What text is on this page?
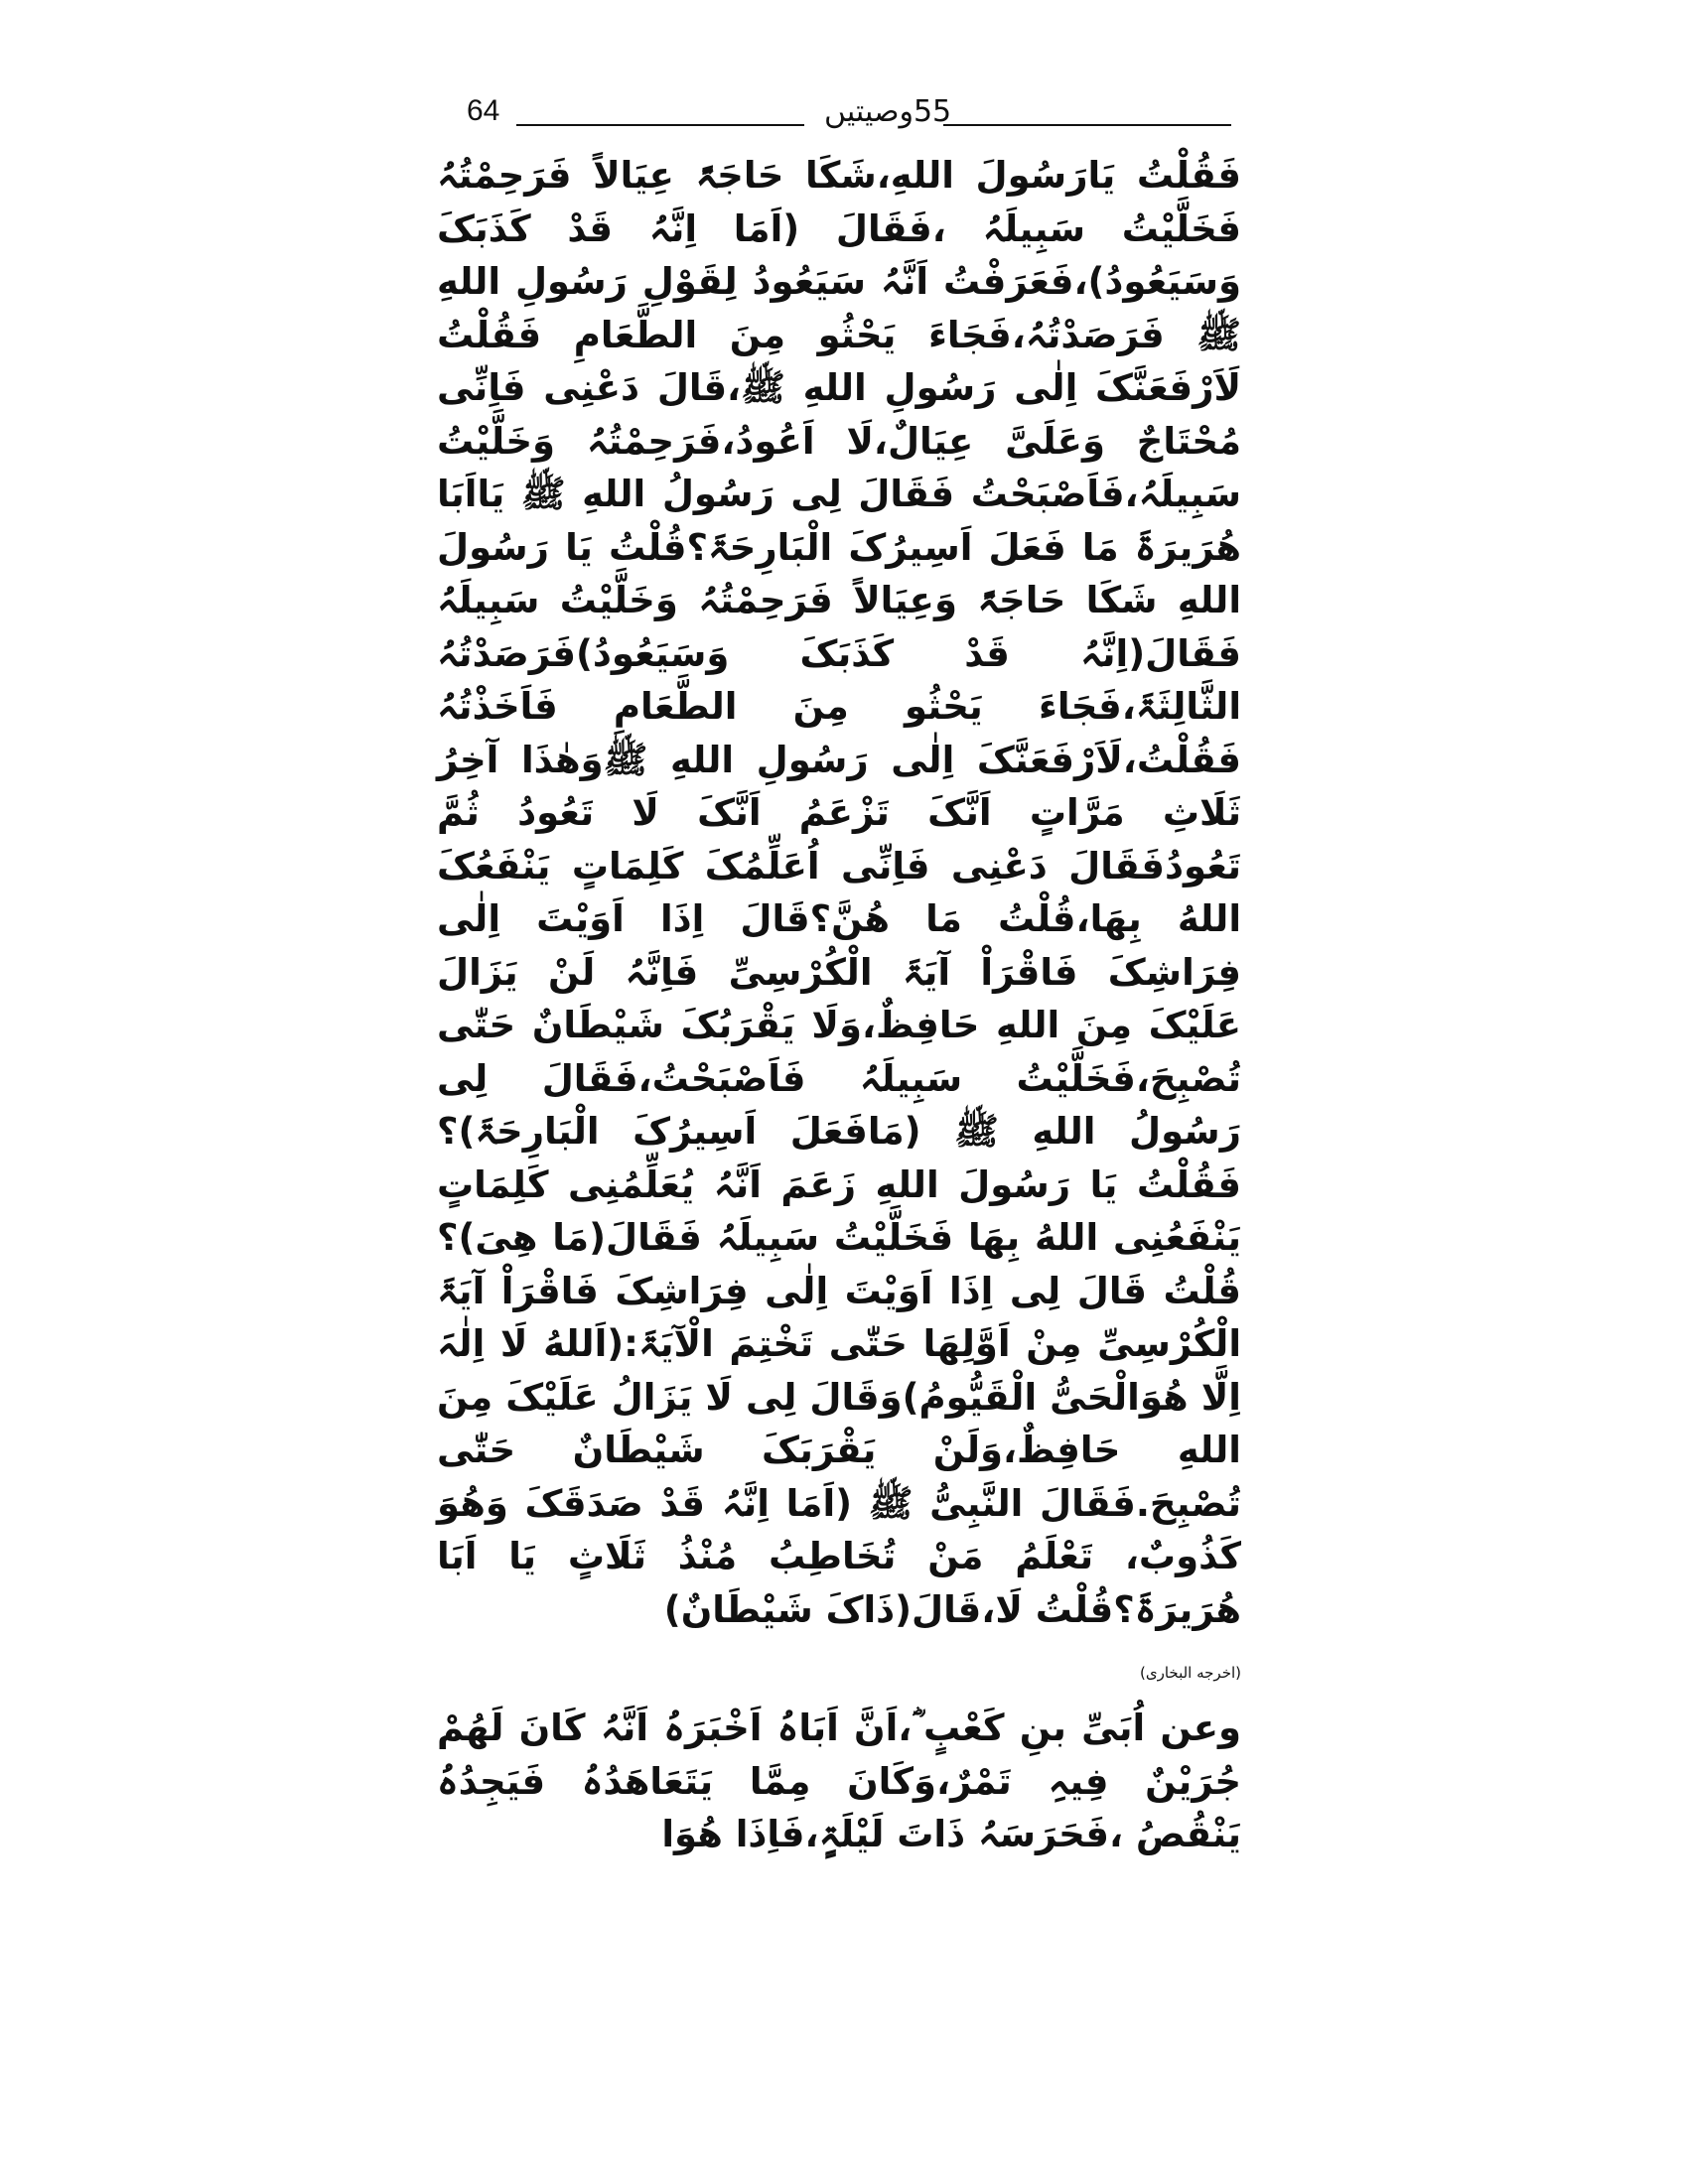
64	55وصیتیں

فَقُلْتُ یَارَسُولَ اللهِ،شَکَا حَاجَۃً عِیَالاً فَرَحِمْتُہُ فَخَلَّیْتُ سَبِیلَہُ ،فَقَالَ (اَمَا اِنَّہُ قَدْ کَذَبَکَ وَسَیَعُودُ)،فَعَرَفْتُ اَنَّہُ سَیَعُودُ لِقَوْلِ رَسُولِ اللهِ ﷺ فَرَصَدْتُہُ،فَجَاءَ یَحْثُو مِنَ الطَّعَامِ فَقُلْتُ لَاَرْفَعَنَّکَ اِلٰی رَسُولِ اللهِ ﷺ،قَالَ دَعْنِی فَاِنِّی مُحْتَاجٌ وَعَلَیَّ عِیَالٌ،لَا اَعُودُ،فَرَحِمْتُہُ وَخَلَّیْتُ سَبِیلَہُ،فَاَصْبَحْتُ فَقَالَ لِی رَسُولُ اللهِ ﷺ یَااَبَا ھُرَیرَۃَ مَا فَعَلَ اَسِیرُکَ الْبَارِحَۃَ؟قُلْتُ یَا رَسُولَ اللهِ شَکَا حَاجَۃً وَعِیَالاً فَرَحِمْتُہُ وَخَلَّیْتُ سَبِیلَہُ فَقَالَ(اِنَّہُ قَدْ کَذَبَکَ وَسَیَعُودُ)فَرَصَدْتُہُ الثَّالِثَۃَ،فَجَاءَ یَحْثُو مِنَ الطَّعَامِ فَاَخَذْتُہُ فَقُلْتُ،لَاَرْفَعَنَّکَ اِلٰی رَسُولِ اللهِ ﷺوَھٰذَا آخِرُ ثَلَاثِ مَرَّاتٍ اَنَّکَ تَزْعَمُ اَنَّکَ لَا تَعُودُ ثُمَّ تَعُودُفَقَالَ دَعْنِی فَاِنِّی اُعَلِّمُکَ کَلِمَاتٍ یَنْفَعُکَ اللهُ بِھَا،قُلْتُ مَا ھُنَّ؟قَالَ اِذَا اَوَیْتَ اِلٰی فِرَاشِکَ فَاقْرَاْ آیَۃَ الْکُرْسِیِّ فَاِنَّہُ لَنْ یَزَالَ عَلَیْکَ مِنَ اللهِ حَافِظٌ،وَلَا یَقْرَبُکَ شَیْطَانٌ حَتّٰی تُصْبِحَ،فَخَلَّیْتُ سَبِیلَہُ فَاَصْبَحْتُ،فَقَالَ لِی رَسُولُ اللهِ ﷺ (مَافَعَلَ اَسِیرُکَ الْبَارِحَۃَ)؟فَقُلْتُ یَا رَسُولَ اللهِ زَعَمَ اَنَّہُ یُعَلِّمُنِی کَلِمَاتٍ یَنْفَعُنِی اللهُ بِھَا فَخَلَّیْتُ سَبِیلَہُ فَقَالَ(مَا ھِیَ)؟قُلْتُ قَالَ لِی اِذَا اَوَیْتَ اِلٰی فِرَاشِکَ فَاقْرَاْ آیَۃَ الْکُرْسِیِّ مِنْ اَوَّلِھَا حَتّٰی تَخْتِمَ الْآیَۃَ:(اَللهُ لَا اِلٰہَ اِلَّا ھُوَالْحَیُّ الْقَیُّومُ)وَقَالَ لِی لَا یَزَالُ عَلَیْکَ مِنَ اللهِ حَافِظٌ،وَلَنْ یَقْرَبَکَ شَیْطَانٌ حَتّٰی تُصْبِحَ.فَقَالَ النَّبِیُّ ﷺ (اَمَا اِنَّہُ قَدْ صَدَقَکَ وَھُوَ کَذُوبٌ، تَعْلَمُ مَنْ تُخَاطِبُ مُنْذُ ثَلَاثٍ یَا اَبَا ھُرَیرَۃَ؟قُلْتُ لَا،قَالَ(ذَاکَ شَیْطَانٌ)

(اخرجه البخاری)

وعن اُبَیِّ بنِ کَعْبٍ ؓ،اَنَّ اَبَاہُ اَخْبَرَہُ اَنَّہُ کَانَ لَھُمْ جُرَیْنٌ فِیہِ تَمْرٌ،وَکَانَ مِمَّا یَتَعَاھَدُہُ فَیَجِدُہُ یَنْقُصُ ،فَحَرَسَہُ ذَاتَ لَیْلَۃٍ،فَاِذَا ھُوَا
